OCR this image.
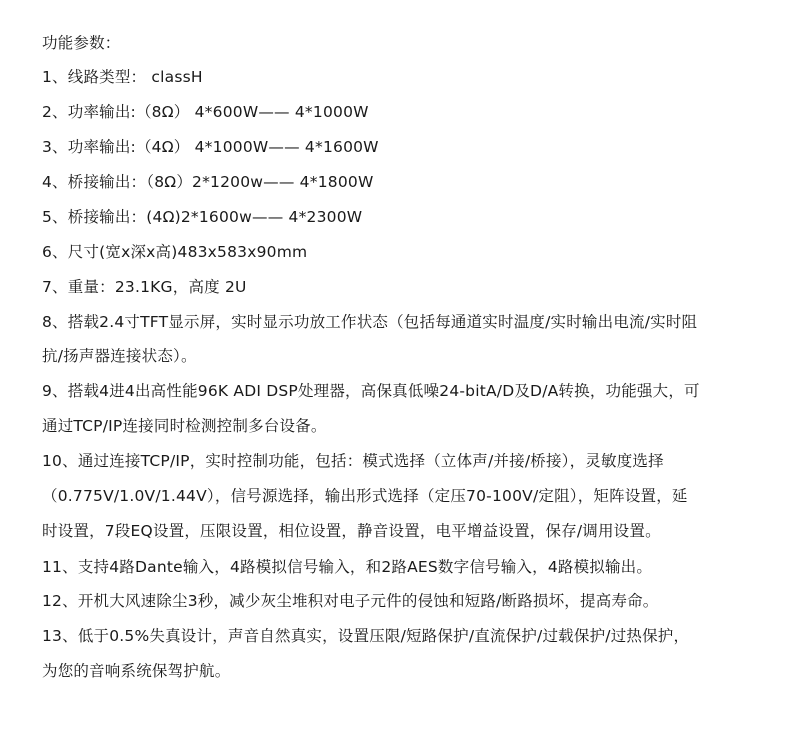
功能参数：
1、线路类型： classH
2、功率输出:（8Ω） 4*600W—— 4*1000W
3、功率输出:（4Ω） 4*1000W—— 4*1600W
4、桥接输出：（8Ω）2*1200w—— 4*1800W
5、桥接输出：(4Ω)2*1600w—— 4*2300W
6、尺寸(宽x深x高)483x583x90mm
7、重量：23.1KG，高度 2U
8、搭载2.4寸TFT显示屏，实时显示功放工作状态（包括每通道实时温度/实时输出电流/实时阻
抗/扬声器连接状态）。
9、搭载4进4出高性能96K ADI DSP处理器，高保真低噪24-bitA/D及D/A转换，功能强大，可
通过TCP/IP连接同时检测控制多台设备。
10、通过连接TCP/IP，实时控制功能，包括：模式选择（立体声/并接/桥接），灵敏度选择
（0.775V/1.0V/1.44V），信号源选择，输出形式选择（定压70-100V/定阻），矩阵设置，延
时设置，7段EQ设置，压限设置，相位设置，静音设置，电平增益设置，保存/调用设置。
11、支持4路Dante输入，4路模拟信号输入，和2路AES数字信号输入，4路模拟输出。
12、开机大风速除尘3秒，减少灰尘堆积对电子元件的侵蚀和短路/断路损坏，提高寿命。
13、低于0.5%失真设计，声音自然真实，设置压限/短路保护/直流保护/过载保护/过热保护，
为您的音响系统保驾护航。
